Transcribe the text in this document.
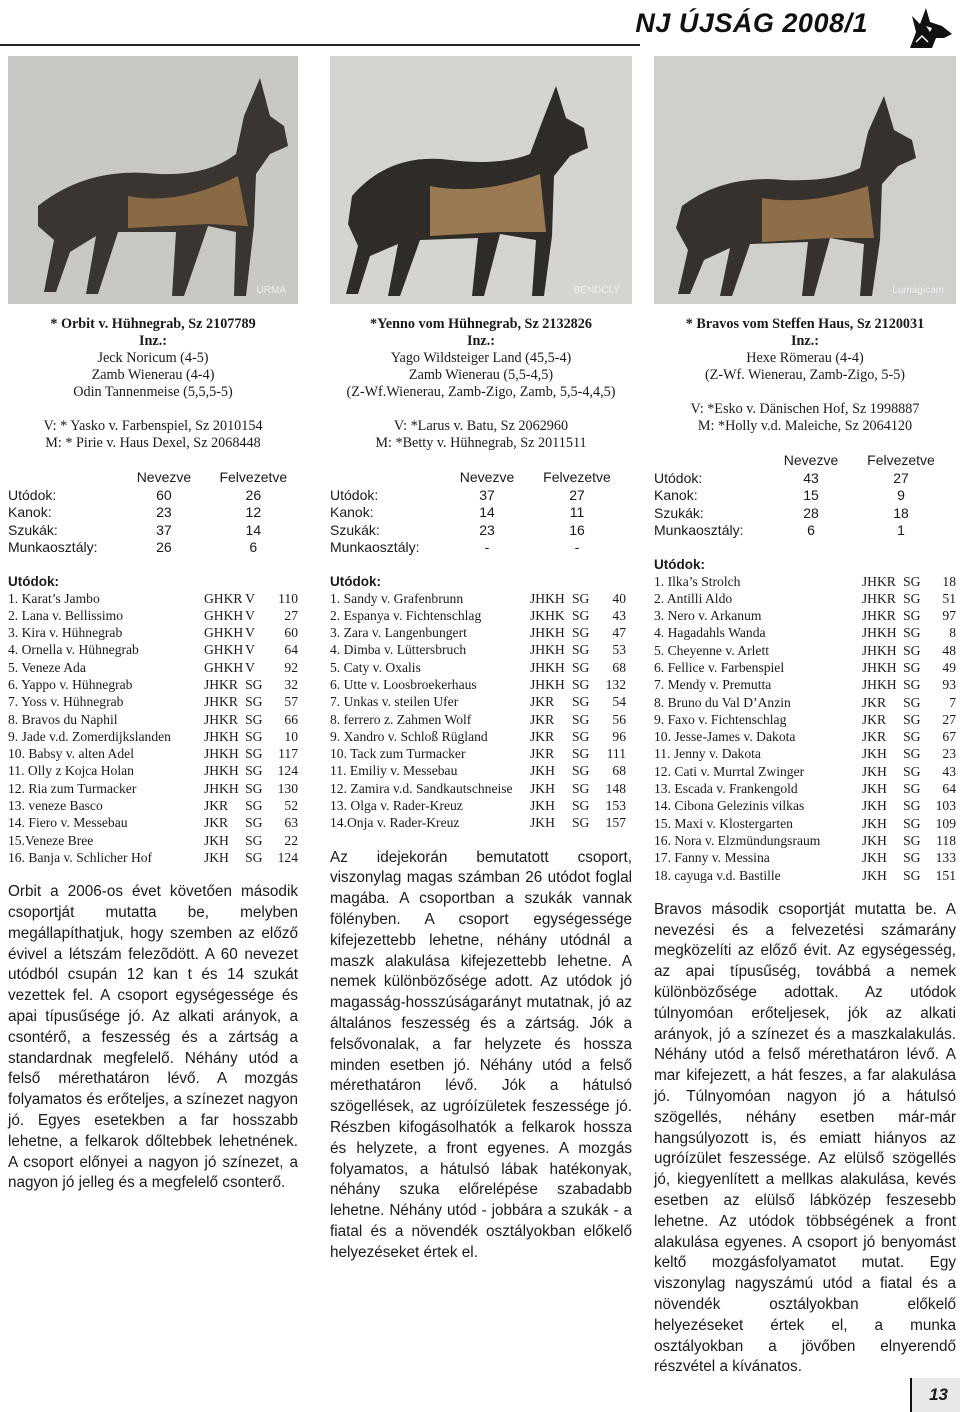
NJ ÚJSÁG 2008/1
URMA
* Orbit v. Hühnegrab, Sz 2107789
Inz.:
Jeck Noricum (4-5)
Zamb Wienerau (4-4)
Odin Tannenmeise (5,5,5-5)
V: * Yasko v. Farbenspiel, Sz 2010154
M: * Pirie v. Haus Dexel, Sz 2068448
Nevezve	Felvezetve
Utódok:	60	26
Kanok:	23	12
Szukák:	37	14
Munkaosztály:	26	6
Utódok:
1. Karat’s Jambo	GHKR V	110
2. Lana v. Bellissimo	GHKH V	27
3. Kira v. Hühnegrab	GHKH V	60
4. Ornella v. Hühnegrab	GHKH V	64
5. Veneze Ada	GHKH V	92
6. Yappo v. Hühnegrab	JHKR SG	32
7. Yoss v. Hühnegrab	JHKR SG	57
8. Bravos du Naphil	JHKR SG	66
9. Jade v.d. Zomerdijkslanden	JHKH SG	10
10. Babsy v. alten Adel	JHKH SG	117
11. Olly z Kojca Holan	JHKH SG	124
12. Ria zum Turmacker	JHKH SG	130
13. veneze Basco	JKR	SG	52
14. Fiero v. Messebau	JKR	SG	63
15.Veneze Bree	JKH	SG	22
16. Banja v. Schlicher Hof	JKH	SG	124
Orbit a 2006-os évet követően második csoportját mutatta be, melyben megállapíthatjuk, hogy szemben az előző évivel a létszám felezõdött. A 60 nevezet utódból csupán 12 kan t és 14 szukát vezettek fel. A csoport egységessége és apai típusűsége jó. Az alkati arányok, a csontérő, a feszesség és a zártság a standardnak megfelelő. Néhány utód a felső mérethatáron lévő. A mozgás folyamatos és erőteljes, a színezet nagyon jó. Egyes esetekben a far hosszabb lehetne, a felkarok dőltebbek lehetnének. A csoport előnyei a nagyon jó színezet, a nagyon jó jelleg és a megfelelő csonterő.
BENDCLY
*Yenno vom Hühnegrab, Sz 2132826
Inz.:
Yago Wildsteiger Land (45,5-4)
Zamb Wienerau (5,5-4,5)
(Z-Wf.Wienerau, Zamb-Zigo, Zamb, 5,5-4,4,5)
V: *Larus v. Batu, Sz 2062960
M: *Betty v. Hühnegrab, Sz 2011511
Nevezve	Felvezetve
Utódok:	37	27
Kanok:	14	11
Szukák:	23	16
Munkaosztály:	-	-
Utódok:
1. Sandy v. Grafenbrunn	JHKH SG	40
2. Espanya v. Fichtenschlag	JKHK SG	43
3. Zara v. Langenbungert	JHKH SG	47
4. Dimba v. Lüttersbruch	JHKH SG	53
5. Caty v. Oxalis	JHKH SG	68
6. Utte v. Loosbroekerhaus	JHKH SG	132
7. Unkas v. steilen Ufer	JKR	SG	54
8. ferrero z. Zahmen Wolf	JKR	SG	56
9. Xandro v. Schloß Rügland	JKR	SG	96
10. Tack zum Turmacker	JKR	SG	111
11. Emiliy v. Messebau	JKH	SG	68
12. Zamira v.d. Sandkautschneise	JKH	SG	148
13. Olga v. Rader-Kreuz	JKH	SG	153
14.Onja v. Rader-Kreuz	JKH	SG	157
Az idejekorán bemutatott csoport, viszonylag magas számban 26 utódot foglal magába. A csoportban a szukák vannak fölényben. A csoport egységessége kifejezettebb lehetne, néhány utódnál a maszk alakulása kifejezettebb lehetne. A nemek különbözősége adott. Az utódok jó magasság-hosszúságarányt mutatnak, jó az általános feszesség és a zártság. Jók a felsővonalak, a far helyzete és hossza minden esetben jó. Néhány utód a felső mérethatáron lévő. Jók a hátulsó szögellések, az ugróízületek feszessége jó. Részben kifogásolhatók a felkarok hossza és helyzete, a front egyenes. A mozgás folyamatos, a hátulsó lábak hatékonyak, néhány szuka előrelépése szabadabb lehetne. Néhány utód - jobbára a szukák - a fiatal és a növendék osztályokban előkelő helyezéseket értek el.
Lumagicam
* Bravos vom Steffen Haus, Sz 2120031
Inz.:
Hexe Römerau (4-4)
(Z-Wf. Wienerau, Zamb-Zigo, 5-5)
V: *Esko v. Dänischen Hof, Sz 1998887
M: *Holly v.d. Maleiche, Sz 2064120
Nevezve	Felvezetve
Utódok:	43	27
Kanok:	15	9
Szukák:	28	18
Munkaosztály:	6	1
Utódok:
1. Ilka’s Strolch	JHKR SG	18
2. Antilli Aldo	JHKR SG	51
3. Nero v. Arkanum	JHKR SG	97
4. Hagadahls Wanda	JHKH SG	8
5. Cheyenne v. Arlett	JHKH SG	48
6. Fellice v. Farbenspiel	JHKH SG	49
7. Mendy v. Premutta	JHKH SG	93
8. Bruno du Val D’Anzin	JKR	SG	7
9. Faxo v. Fichtenschlag	JKR	SG	27
10. Jesse-James v. Dakota	JKR	SG	67
11. Jenny v. Dakota	JKH	SG	23
12. Cati v. Murrtal Zwinger	JKH	SG	43
13. Escada v. Frankengold	JKH	SG	64
14. Cibona Gelezinis vilkas	JKH	SG	103
15. Maxi v. Klostergarten	JKH	SG	109
16. Nora v. Elzmündungsraum	JKH	SG	118
17. Fanny v. Messina	JKH	SG	133
18. cayuga v.d. Bastille	JKH	SG	151
Bravos második csoportját mutatta be. A nevezési és a felvezetési számarány megközelíti az előző évit. Az egységesség, az apai típusűség, továbbá a nemek különbözősége adottak. Az utódok túlnyomóan erőteljesek, jók az alkati arányok, jó a színezet és a maszkalakulás. Néhány utód a felső mérethatáron lévő. A mar kifejezett, a hát feszes, a far alakulása jó. Túlnyomóan nagyon jó a hátulsó szögellés, néhány esetben már-már hangsúlyozott is, és emiatt hiányos az ugróízület feszessége. Az elülső szögellés jó, kiegyenlített a mellkas alakulása, kevés esetben az elülső lábközép feszesebb lehetne. Az utódok többségének a front alakulása egyenes. A csoport jó benyomást keltő mozgásfolyamatot mutat. Egy viszonylag nagyszámú utód a fiatal és a növendék osztályokban előkelő helyezéseket értek el, a munka osztályokban a jövőben elnyerendő részvétel a kívánatos.
13
